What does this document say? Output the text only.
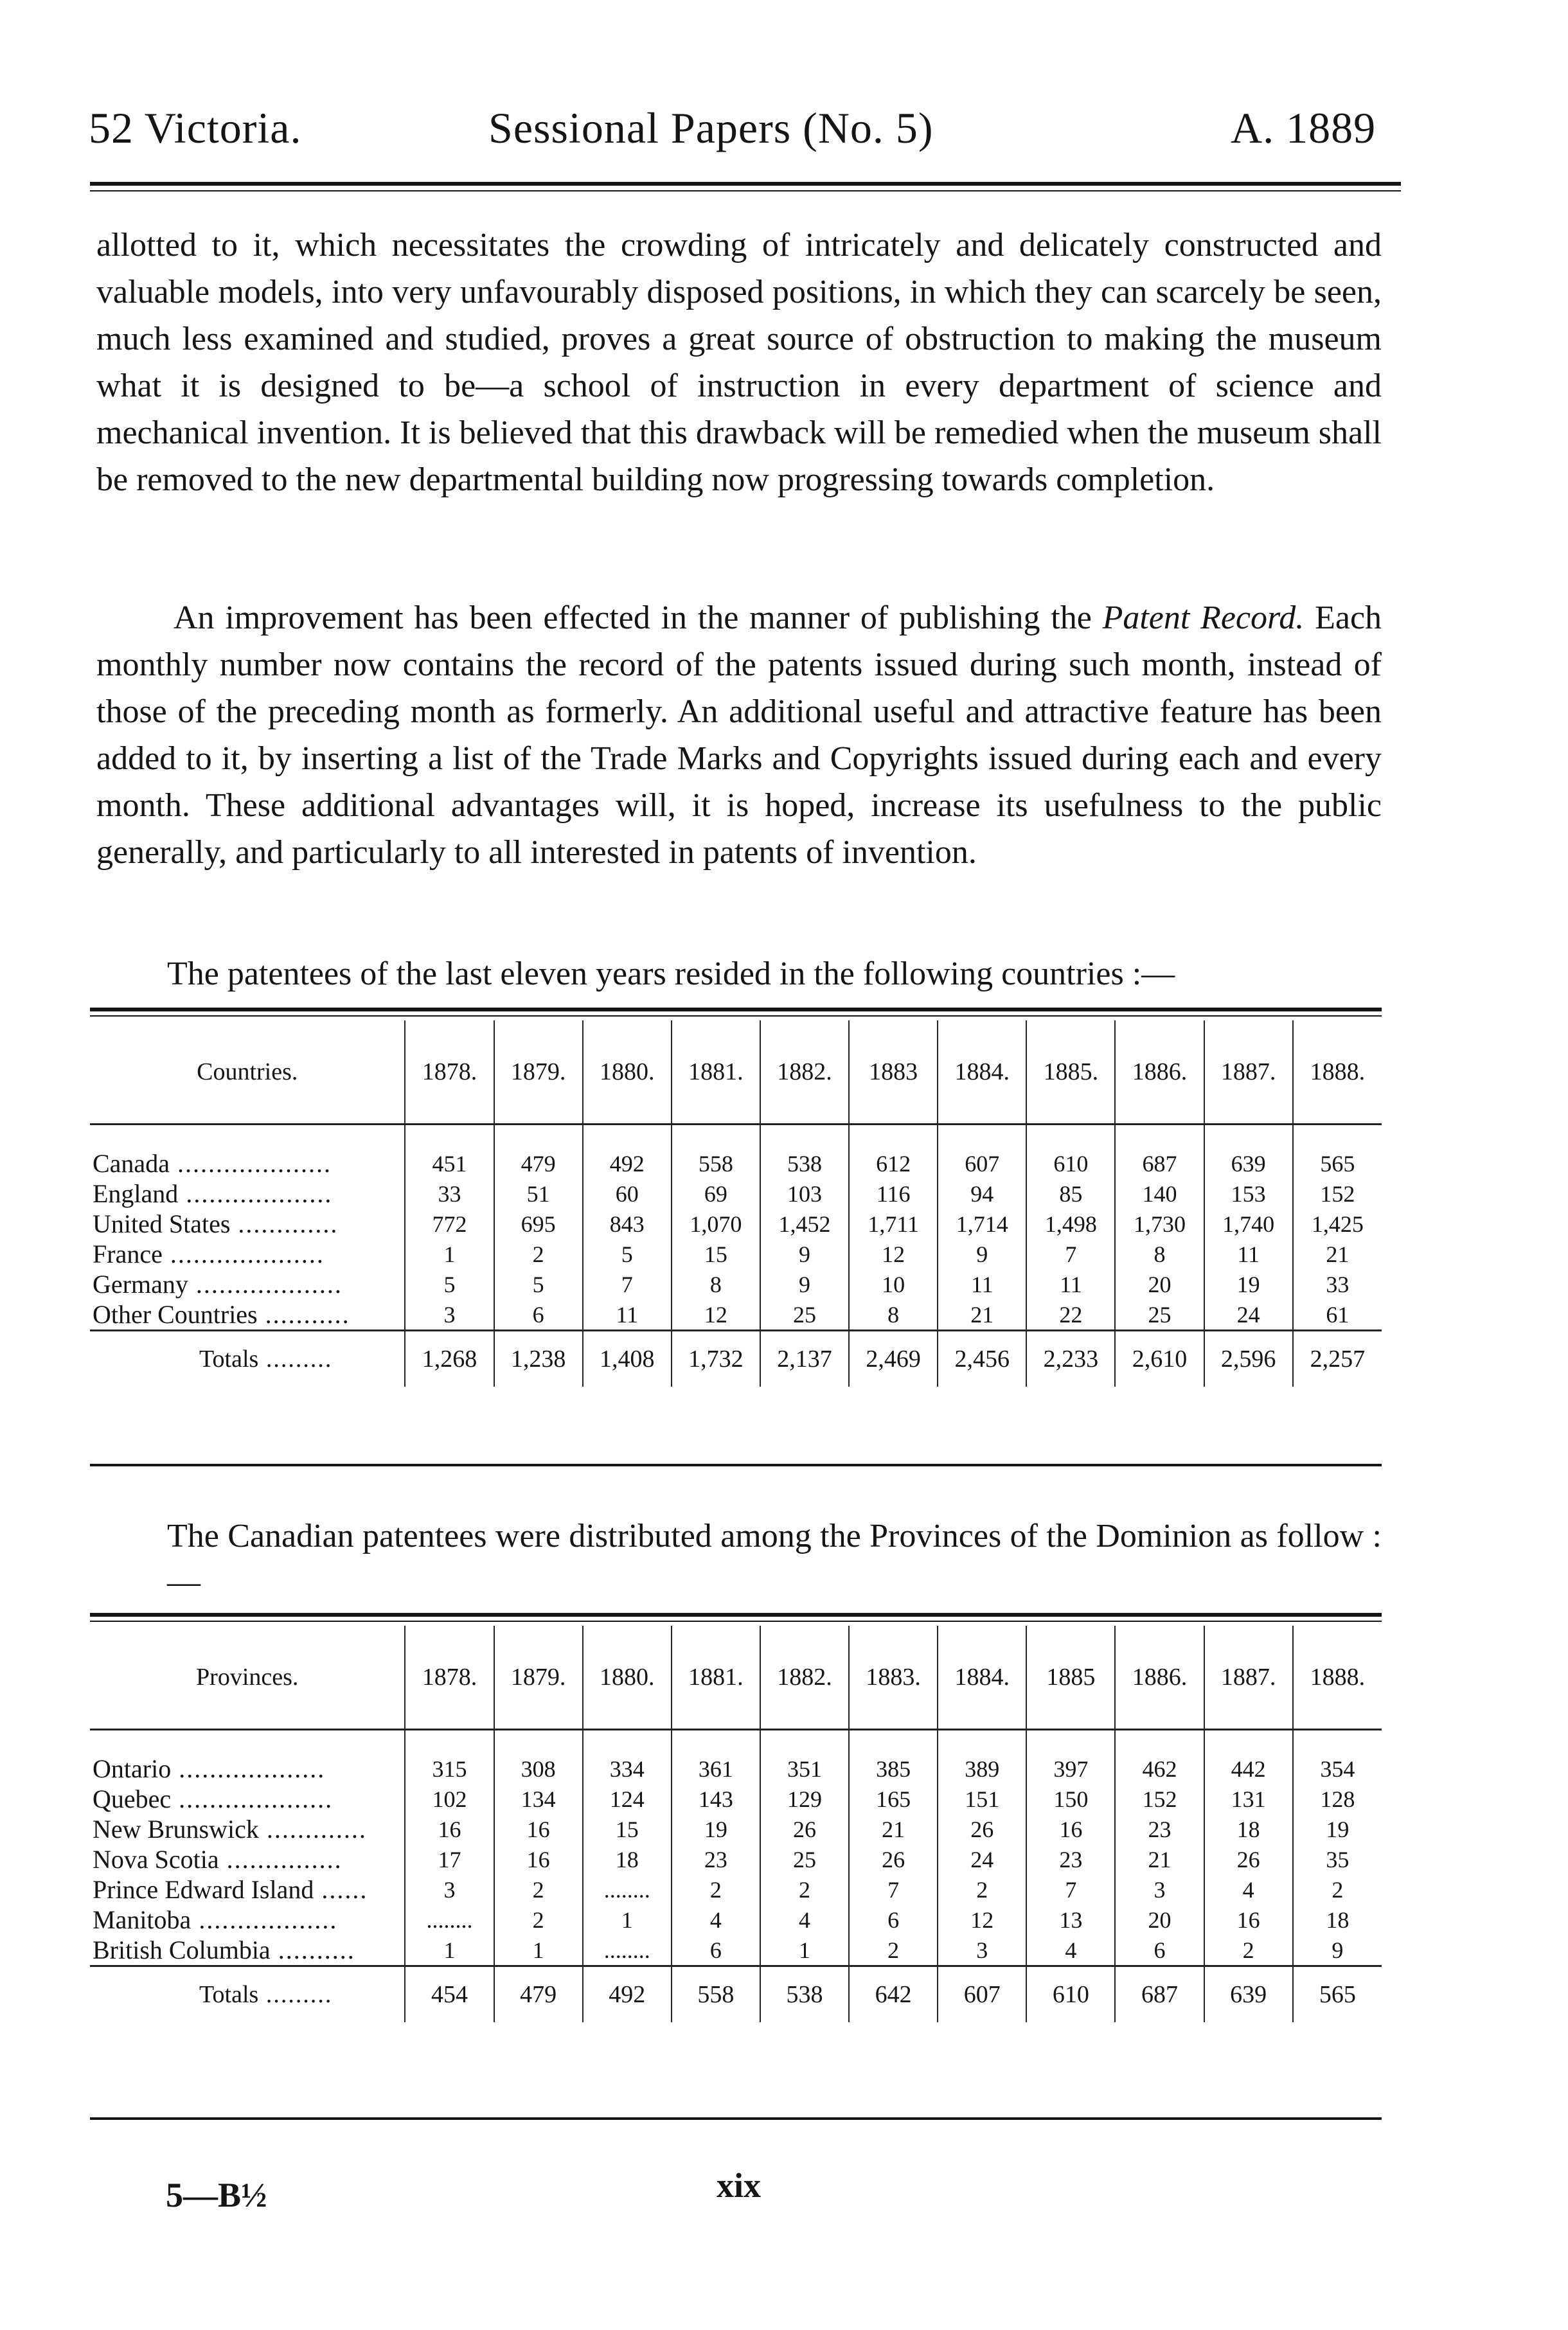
52 Victoria.	Sessional Papers (No. 5)	A. 1889
allotted to it, which necessitates the crowding of intricately and delicately constructed and valuable models, into very unfavourably disposed positions, in which they can scarcely be seen, much less examined and studied, proves a great source of obstruction to making the museum what it is designed to be—a school of instruction in every department of science and mechanical invention. It is believed that this drawback will be remedied when the museum shall be removed to the new departmental building now progressing towards completion.
An improvement has been effected in the manner of publishing the Patent Record. Each monthly number now contains the record of the patents issued during such month, instead of those of the preceding month as formerly. An additional useful and attractive feature has been added to it, by inserting a list of the Trade Marks and Copyrights issued during each and every month. These additional advantages will, it is hoped, increase its usefulness to the public generally, and particularly to all interested in patents of invention.
The patentees of the last eleven years resided in the following countries :—
Countries.	1878.	1879.	1880.	1881.	1882.	1883	1884.	1885.	1886.	1887.	1888.

Canada ....................	451	479	492	558	538	612	607	610	687	639	565
England ...................	33	51	60	69	103	116	94	85	140	153	152
United States .............	772	695	843	1,070	1,452	1,711	1,714	1,498	1,730	1,740	1,425
France ....................	1	2	5	15	9	12	9	7	8	11	21
Germany ...................	5	5	7	8	9	10	11	11	20	19	33
Other Countries ...........	3	6	11	12	25	8	21	22	25	24	61
Totals .........	1,268	1,238	1,408	1,732	2,137	2,469	2,456	2,233	2,610	2,596	2,257
The Canadian patentees were distributed among the Provinces of the Dominion as follow :—
Provinces.	1878.	1879.	1880.	1881.	1882.	1883.	1884.	1885	1886.	1887.	1888.

Ontario ...................	315	308	334	361	351	385	389	397	462	442	354
Quebec ....................	102	134	124	143	129	165	151	150	152	131	128
New Brunswick .............	16	16	15	19	26	21	26	16	23	18	19
Nova Scotia ...............	17	16	18	23	25	26	24	23	21	26	35
Prince Edward Island ......	3	2	........	2	2	7	2	7	3	4	2
Manitoba ..................	........	2	1	4	4	6	12	13	20	16	18
British Columbia ..........	1	1	........	6	1	2	3	4	6	2	9
Totals .........	454	479	492	558	538	642	607	610	687	639	565
5—B½	xix
